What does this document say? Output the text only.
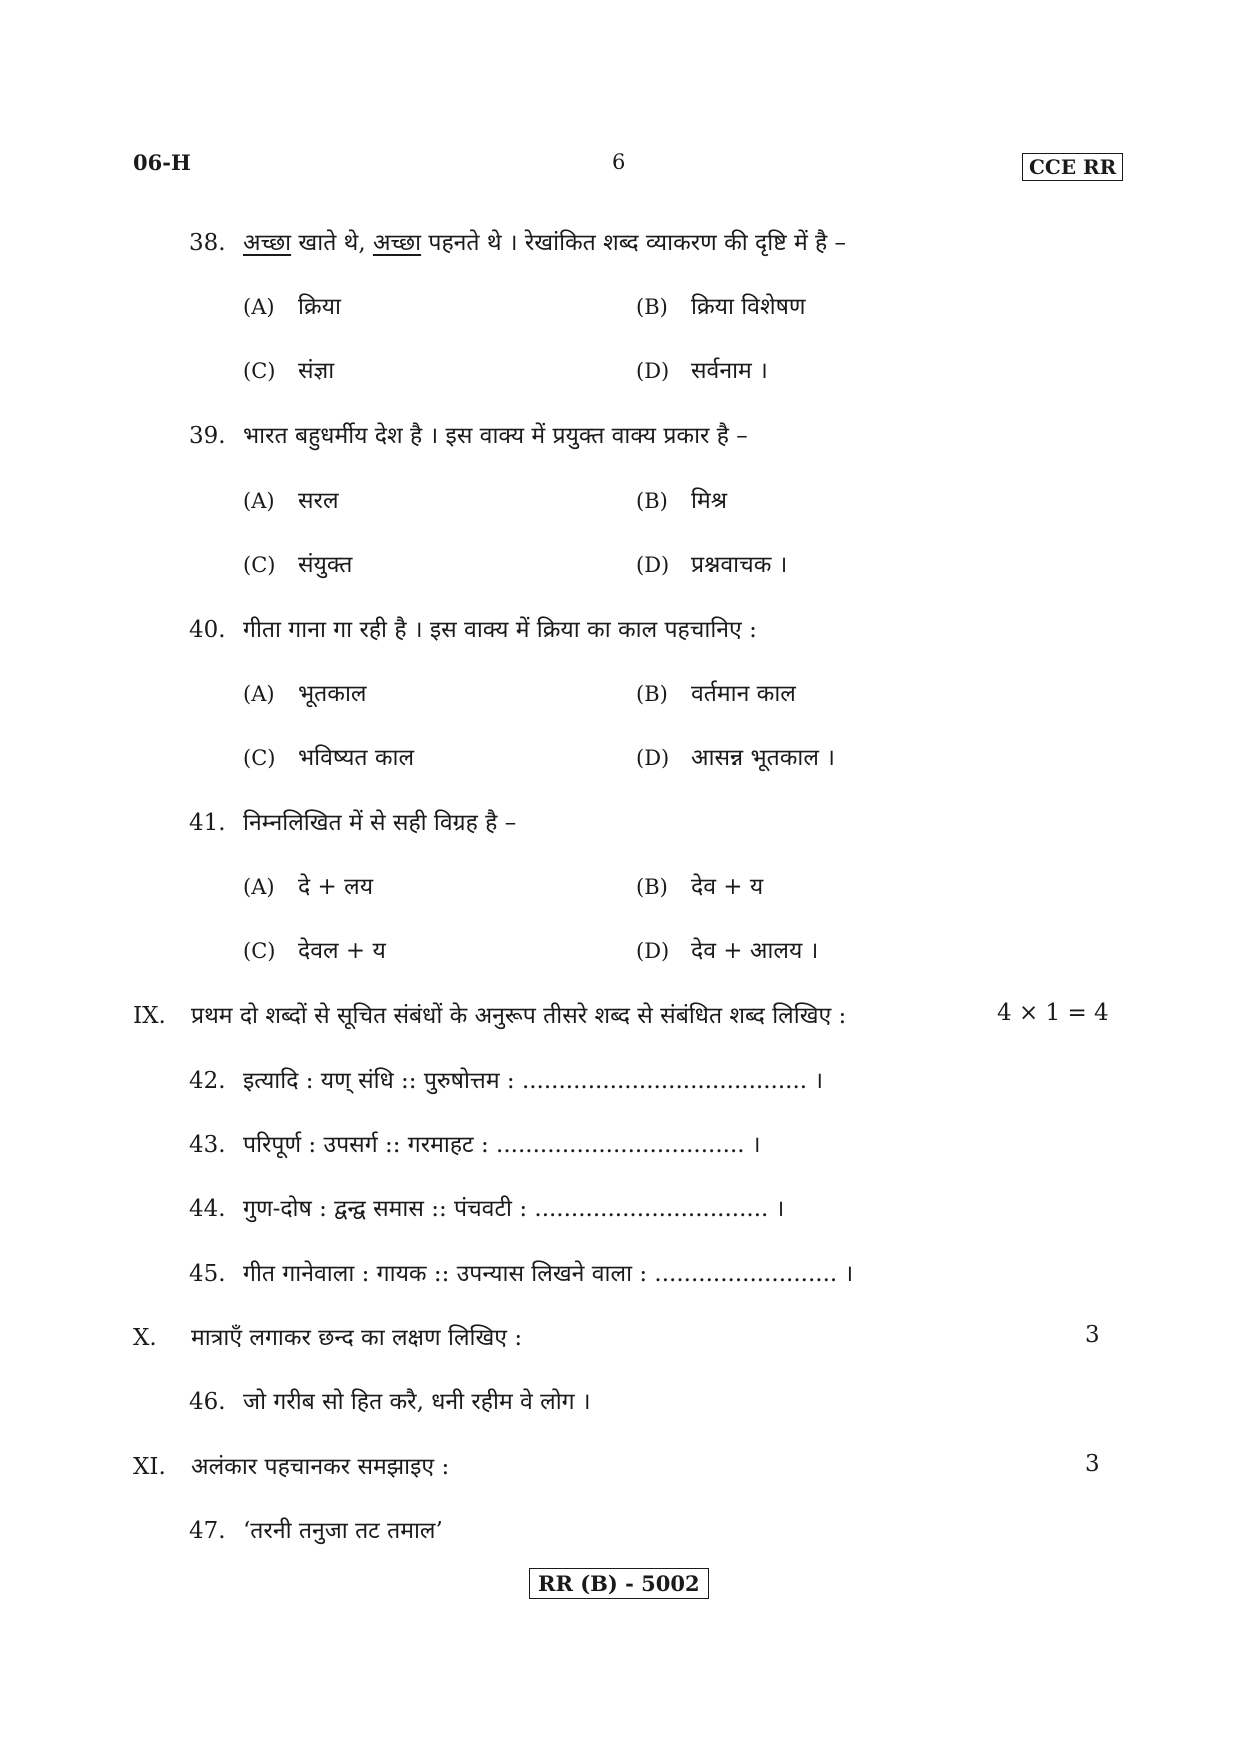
06-H	6	CCE RR
38. अच्छा खाते थे, अच्छा पहनते थे । रेखांकित शब्द व्याकरण की दृष्टि में है –
(A) क्रिया	(B) क्रिया विशेषण
(C) संज्ञा	(D) सर्वनाम ।
39. भारत बहुधर्मीय देश है । इस वाक्य में प्रयुक्त वाक्य प्रकार है –
(A) सरल	(B) मिश्र
(C) संयुक्त	(D) प्रश्नवाचक ।
40. गीता गाना गा रही है । इस वाक्य में क्रिया का काल पहचानिए :
(A) भूतकाल	(B) वर्तमान काल
(C) भविष्यत काल	(D) आसन्न भूतकाल ।
41. निम्नलिखित में से सही विग्रह है –
(A) दे + लय	(B) देव + य
(C) देवल + य	(D) देव + आलय ।
IX. प्रथम दो शब्दों से सूचित संबंधों के अनुरूप तीसरे शब्द से संबंधित शब्द लिखिए :	4 × 1 = 4
42. इत्यादि : यण् संधि :: पुरुषोत्तम : ....................................... ।
43. परिपूर्ण : उपसर्ग :: गरमाहट : .................................. ।
44. गुण-दोष : द्वन्द्व समास :: पंचवटी : ................................ ।
45. गीत गानेवाला : गायक :: उपन्यास लिखने वाला : ......................... ।
X. मात्राएँ लगाकर छन्द का लक्षण लिखिए :	3
46. जो गरीब सो हित करै, धनी रहीम वे लोग ।
XI. अलंकार पहचानकर समझाइए :	3
47. ‘तरनी तनुजा तट तमाल’
RR (B) - 5002
